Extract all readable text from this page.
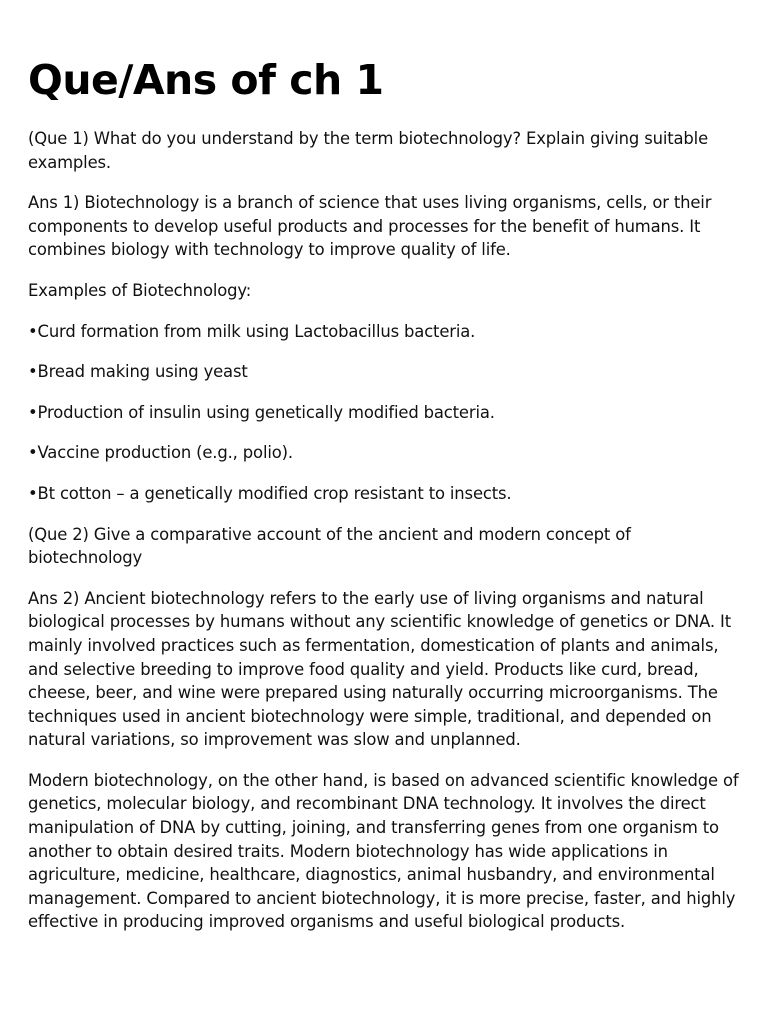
Que/Ans of ch 1

(Que 1) What do you understand by the term biotechnology? Explain giving suitable examples.

Ans 1) Biotechnology is a branch of science that uses living organisms, cells, or their components to develop useful products and processes for the benefit of humans. It combines biology with technology to improve quality of life.

Examples of Biotechnology:

•Curd formation from milk using Lactobacillus bacteria.

•Bread making using yeast

•Production of insulin using genetically modified bacteria.

•Vaccine production (e.g., polio).

•Bt cotton – a genetically modified crop resistant to insects.

(Que 2) Give a comparative account of the ancient and modern concept of biotechnology

Ans 2) Ancient biotechnology refers to the early use of living organisms and natural biological processes by humans without any scientific knowledge of genetics or DNA. It mainly involved practices such as fermentation, domestication of plants and animals, and selective breeding to improve food quality and yield. Products like curd, bread, cheese, beer, and wine were prepared using naturally occurring microorganisms. The techniques used in ancient biotechnology were simple, traditional, and depended on natural variations, so improvement was slow and unplanned.

Modern biotechnology, on the other hand, is based on advanced scientific knowledge of genetics, molecular biology, and recombinant DNA technology. It involves the direct manipulation of DNA by cutting, joining, and transferring genes from one organism to another to obtain desired traits. Modern biotechnology has wide applications in agriculture, medicine, healthcare, diagnostics, animal husbandry, and environmental management. Compared to ancient biotechnology, it is more precise, faster, and highly effective in producing improved organisms and useful biological products.
